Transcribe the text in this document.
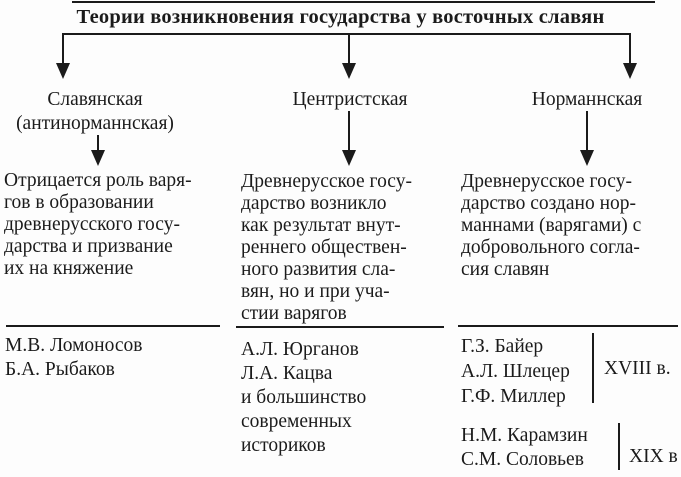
Теории возникновения государства у восточных славян
Славянская
(антинорманнская)
Центристская	Норманнская
Отрицается роль варя-
гов в образовании
древнерусского госу-
дарства и призвание
их на княжение
Древнерусское госу-
дарство возникло
как результат внут-
реннего обществен-
ного развития сла-
вян, но и при уча-
стии варягов
Древнерусское госу-
дарство создано нор-
маннами (варягами) с
добровольного согла-
сия славян
М.В. Ломоносов
Б.А. Рыбаков
А.Л. Юрганов
Л.А. Кацва
и большинство
современных
историков
Г.З. Байер
А.Л. Шлецер
Г.Ф. Миллер
XVIII в.
Н.М. Карамзин
С.М. Соловьев XIX в
